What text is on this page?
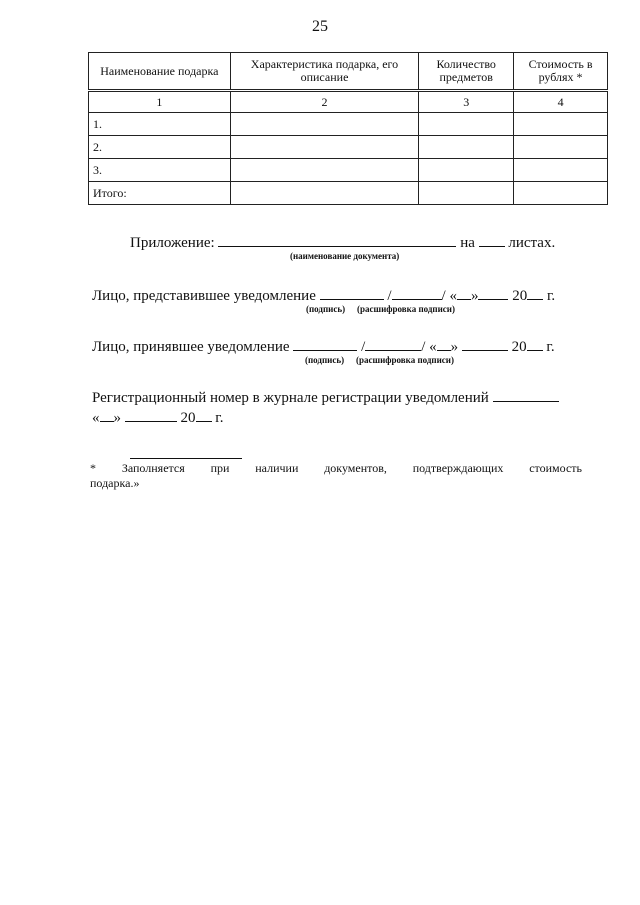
25
Наименование подарка	Характеристика подарка, его описание	Количество предметов	Стоимость в рублях *
1	2	3	4
1.			
2.			
3.			
Итого:			
Приложение:	на листах.
(наименование документа)
Лицо, представившее уведомление	/	/ « » 20 г.
(подпись) (расшифровка подписи)
Лицо, принявшее уведомление	/	/ « »	20 г.
(подпись) (расшифровка подписи)
Регистрационный номер в журнале регистрации уведомлений
« »	20 г.
* Заполняется при наличии документов, подтверждающих стоимость
подарка.»
